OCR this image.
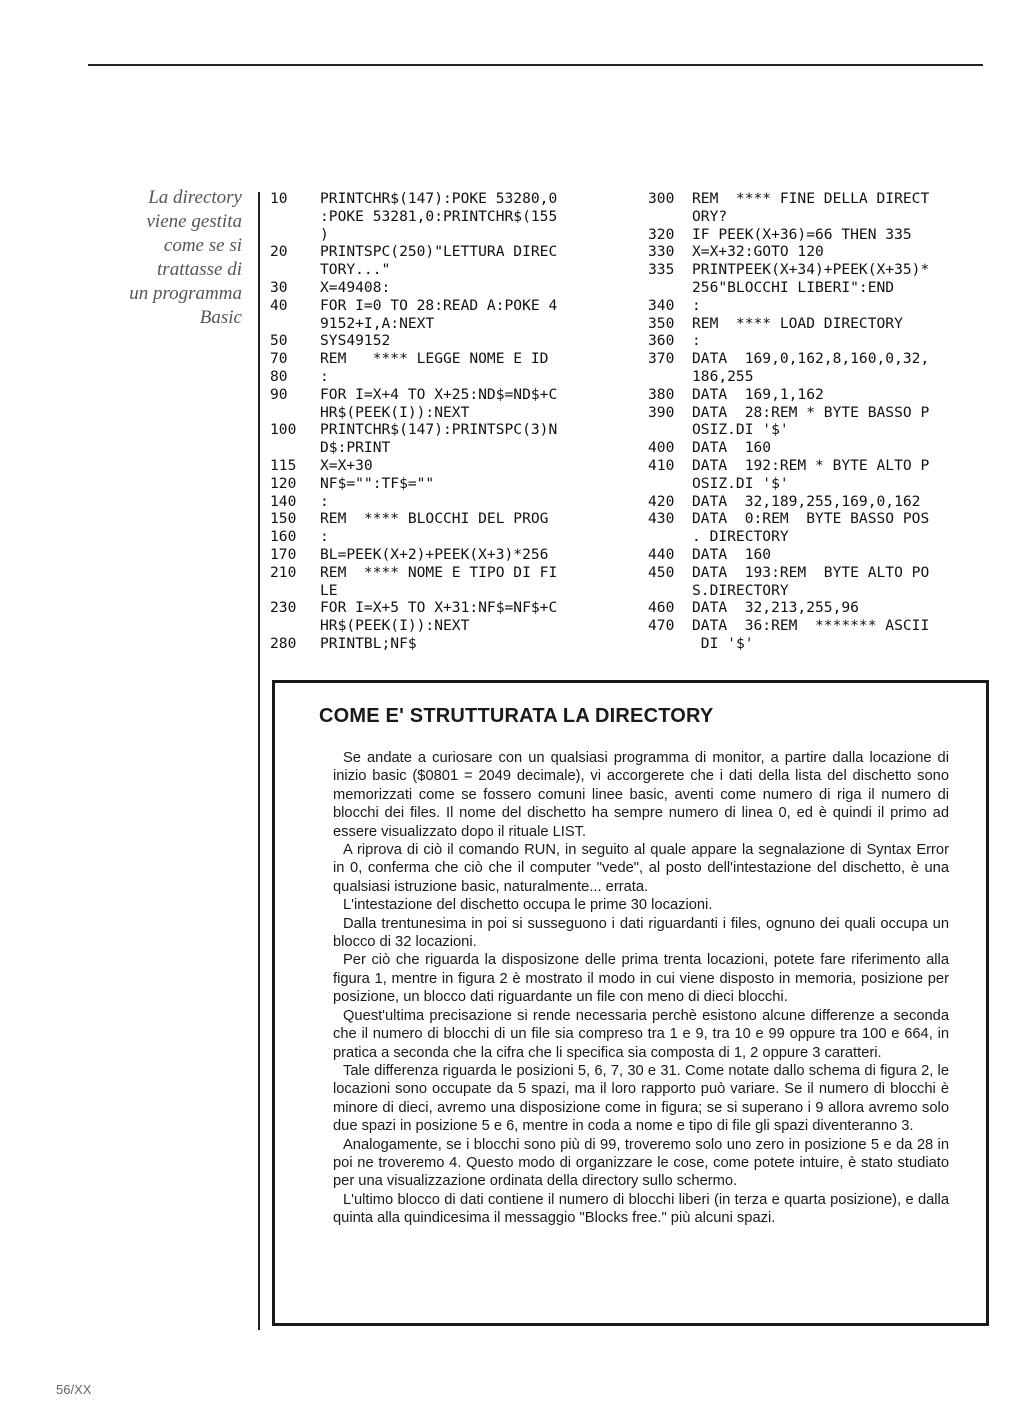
La directory
viene gestita
come se si
trattasse di
un programma
Basic
10	PRINTCHR$(147):POKE 53280,0
:POKE 53281,0:PRINTCHR$(155
)
20	PRINTSPC(250)"LETTURA DIREC
TORY..."
30	X=49408:
40	FOR I=0 TO 28:READ A:POKE 4
9152+I,A:NEXT
50	SYS49152
70	REM   **** LEGGE NOME E ID
80	:
90	FOR I=X+4 TO X+25:ND$=ND$+C
HR$(PEEK(I)):NEXT
100	PRINTCHR$(147):PRINTSPC(3)N
D$:PRINT
115	X=X+30
120	NF$="":TF$=""
140	:
150	REM  **** BLOCCHI DEL PROG
160	:
170	BL=PEEK(X+2)+PEEK(X+3)*256
210	REM  **** NOME E TIPO DI FI
LE
230	FOR I=X+5 TO X+31:NF$=NF$+C
HR$(PEEK(I)):NEXT
280	PRINTBL;NF$
300	REM  **** FINE DELLA DIRECT
ORY?
320	IF PEEK(X+36)=66 THEN 335
330	X=X+32:GOTO 120
335	PRINTPEEK(X+34)+PEEK(X+35)*
256"BLOCCHI LIBERI":END
340	:
350	REM  **** LOAD DIRECTORY
360	:
370	DATA  169,0,162,8,160,0,32,
186,255
380	DATA  169,1,162
390	DATA  28:REM * BYTE BASSO P
OSIZ.DI '$'
400	DATA  160
410	DATA  192:REM * BYTE ALTO P
OSIZ.DI '$'
420	DATA  32,189,255,169,0,162
430	DATA  0:REM  BYTE BASSO POS
. DIRECTORY
440	DATA  160
450	DATA  193:REM  BYTE ALTO PO
S.DIRECTORY
460	DATA  32,213,255,96
470	DATA  36:REM  ******* ASCII
DI '$'
COME E' STRUTTURATA LA DIRECTORY

Se andate a curiosare con un qualsiasi programma di monitor, a partire dalla locazione di inizio basic ($0801 = 2049 decimale), vi accorgerete che i dati della lista del dischetto sono memorizzati come se fossero comuni linee basic, aventi come numero di riga il numero di blocchi dei files. Il nome del dischetto ha sempre numero di linea 0, ed è quindi il primo ad essere visualizzato dopo il rituale LIST.

A riprova di ciò il comando RUN, in seguito al quale appare la segnalazione di Syntax Error in 0, conferma che ciò che il computer "vede", al posto dell'intestazione del dischetto, è una qualsiasi istruzione basic, naturalmente... errata.

L'intestazione del dischetto occupa le prime 30 locazioni.

Dalla trentunesima in poi si susseguono i dati riguardanti i files, ognuno dei quali occupa un blocco di 32 locazioni.

Per ciò che riguarda la disposizone delle prima trenta locazioni, potete fare riferimento alla figura 1, mentre in figura 2 è mostrato il modo in cui viene disposto in memoria, posizione per posizione, un blocco dati riguardante un file con meno di dieci blocchi.

Quest'ultima precisazione si rende necessaria perchè esistono alcune differenze a seconda che il numero di blocchi di un file sia compreso tra 1 e 9, tra 10 e 99 oppure tra 100 e 664, in pratica a seconda che la cifra che li specifica sia composta di 1, 2 oppure 3 caratteri.

Tale differenza riguarda le posizioni 5, 6, 7, 30 e 31. Come notate dallo schema di figura 2, le locazioni sono occupate da 5 spazi, ma il loro rapporto può variare. Se il numero di blocchi è minore di dieci, avremo una disposizione come in figura; se si superano i 9 allora avremo solo due spazi in posizione 5 e 6, mentre in coda a nome e tipo di file gli spazi diventeranno 3.

Analogamente, se i blocchi sono più di 99, troveremo solo uno zero in posizione 5 e da 28 in poi ne troveremo 4. Questo modo di organizzare le cose, come potete intuire, è stato studiato per una visualizzazione ordinata della directory sullo schermo.

L'ultimo blocco di dati contiene il numero di blocchi liberi (in terza e quarta posizione), e dalla quinta alla quindicesima il messaggio "Blocks free." più alcuni spazi.

56/XX
